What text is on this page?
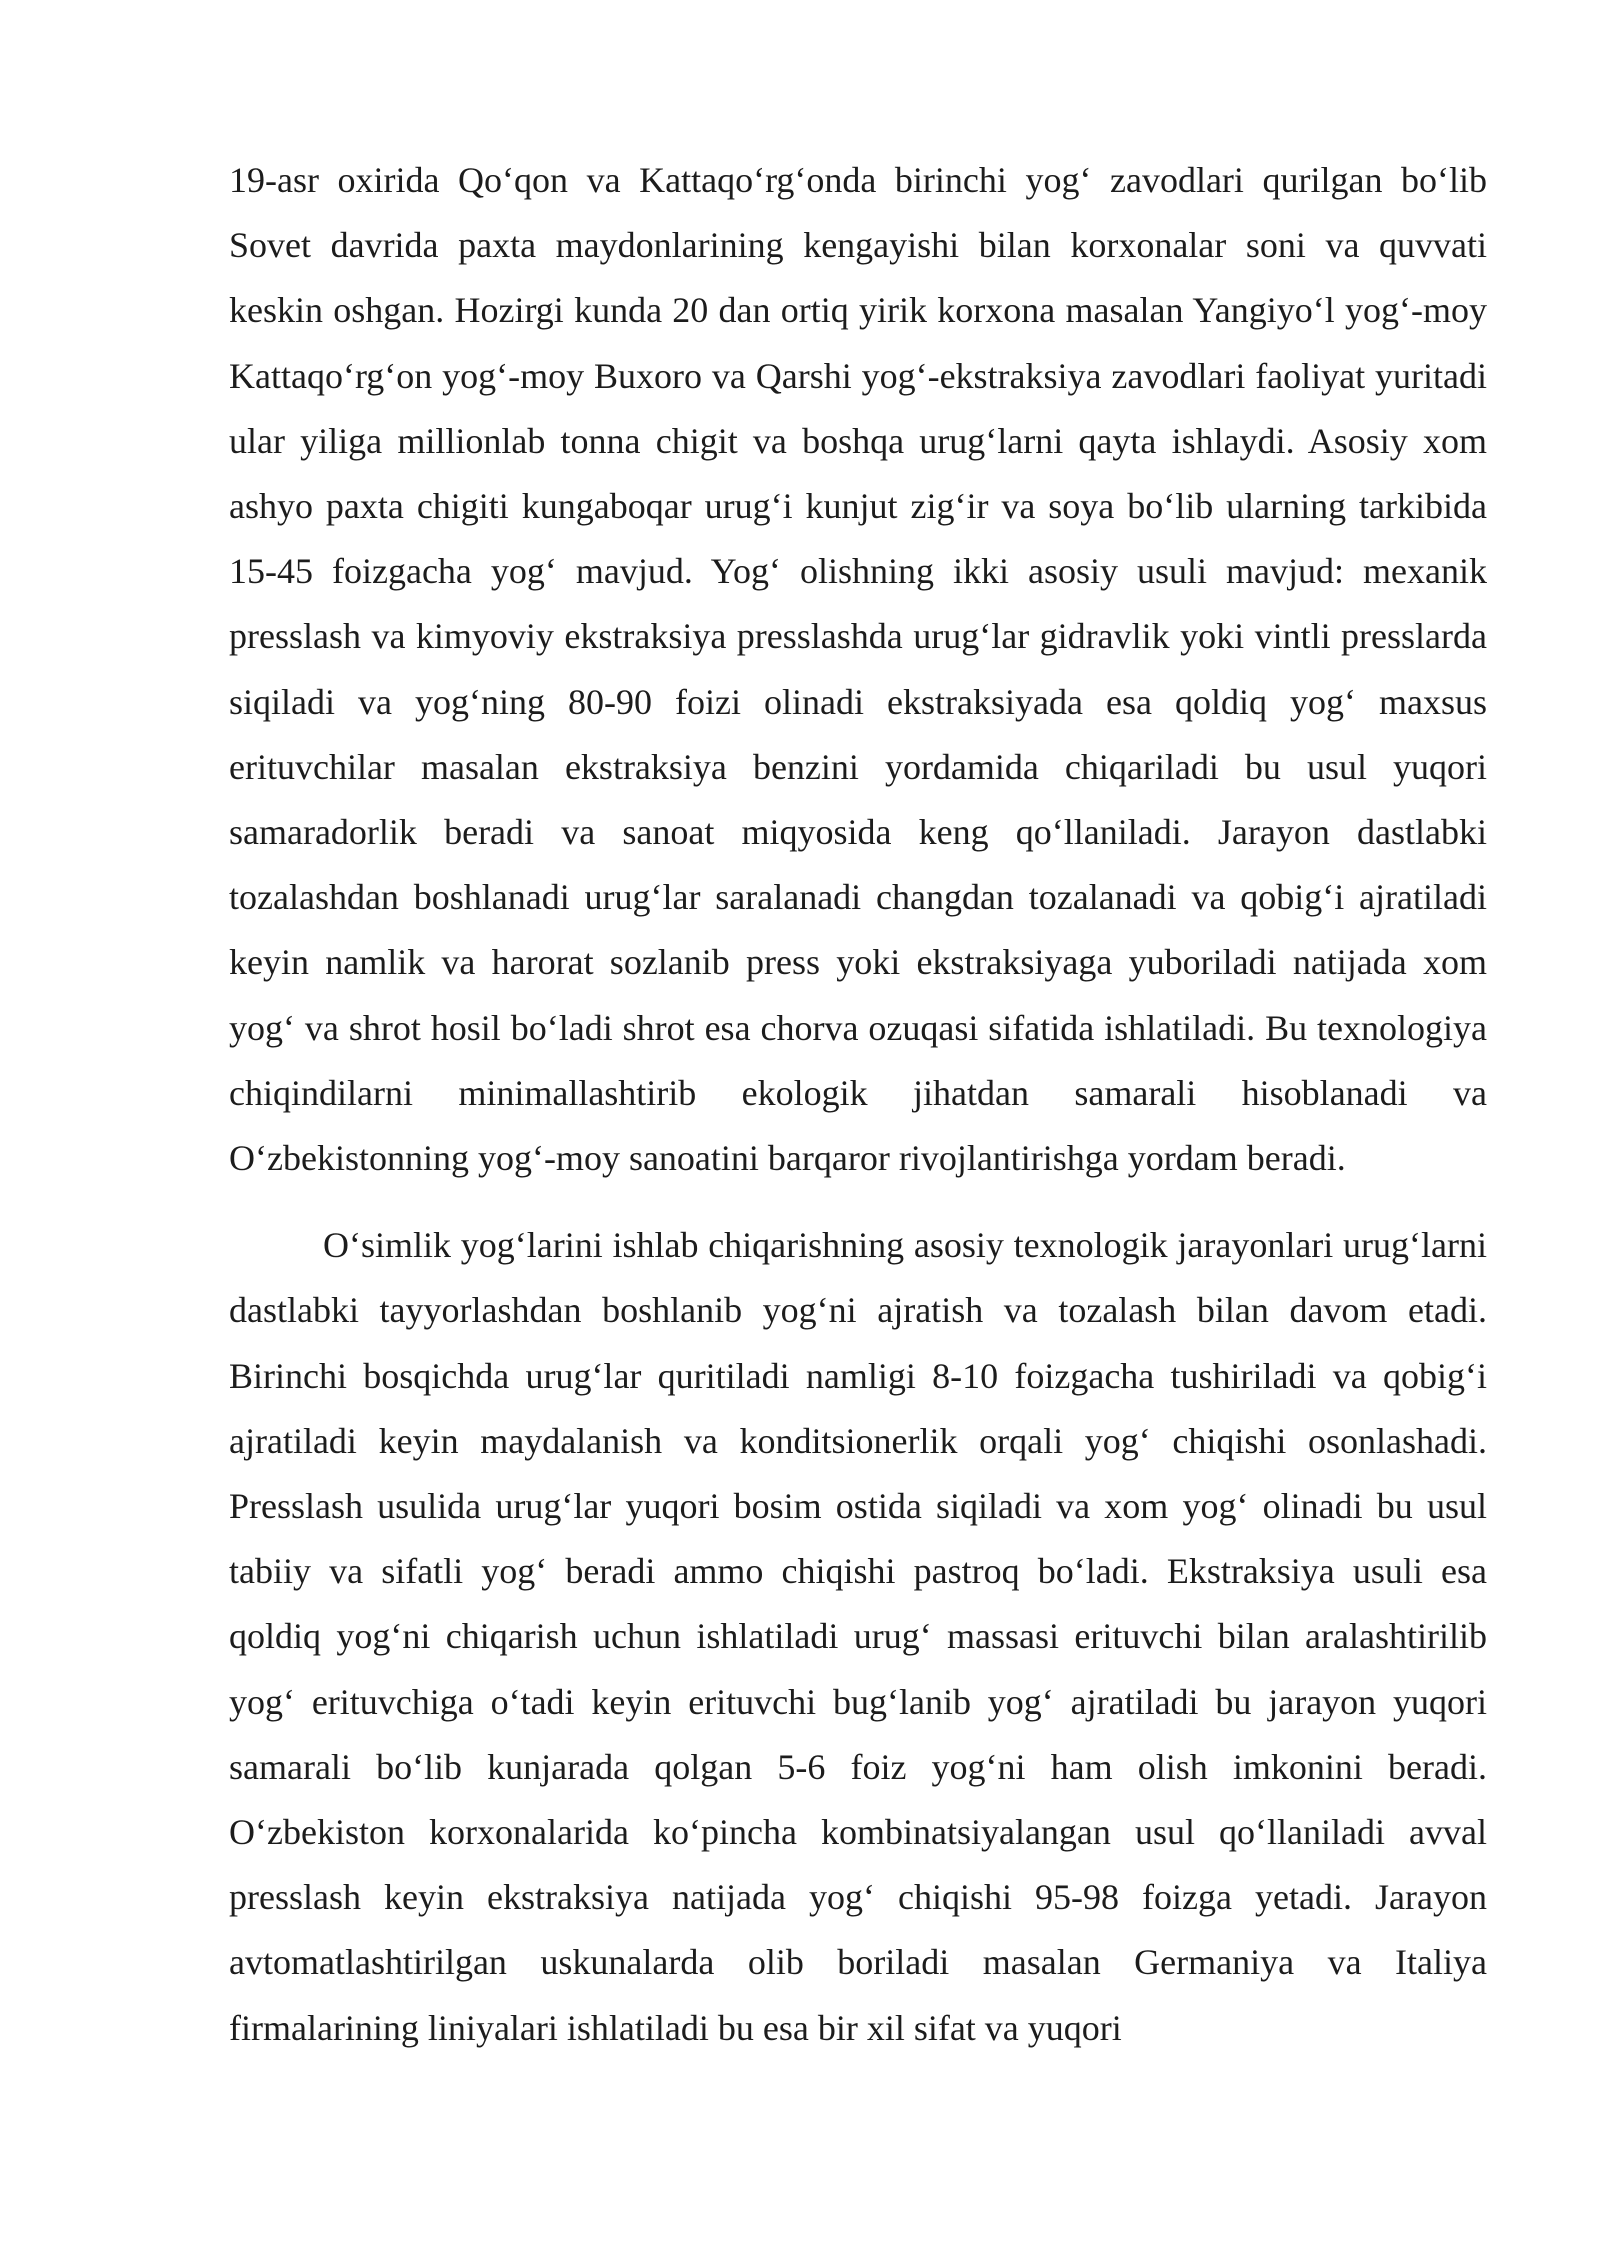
19-asr oxirida Qo‘qon va Kattaqo‘rg‘onda birinchi yog‘ zavodlari qurilgan bo‘lib Sovet davrida paxta maydonlarining kengayishi bilan korxonalar soni va quvvati keskin oshgan. Hozirgi kunda 20 dan ortiq yirik korxona masalan Yangiyo‘l yog‘-moy Kattaqo‘rg‘on yog‘-moy Buxoro va Qarshi yog‘-ekstraksiya zavodlari faoliyat yuritadi ular yiliga millionlab tonna chigit va boshqa urug‘larni qayta ishlaydi. Asosiy xom ashyo paxta chigiti kungaboqar urug‘i kunjut zig‘ir va soya bo‘lib ularning tarkibida 15-45 foizgacha yog‘ mavjud. Yog‘ olishning ikki asosiy usuli mavjud: mexanik presslash va kimyoviy ekstraksiya presslashda urug‘lar gidravlik yoki vintli presslarda siqiladi va yog‘ning 80-90 foizi olinadi ekstraksiyada esa qoldiq yog‘ maxsus erituvchilar masalan ekstraksiya benzini yordamida chiqariladi bu usul yuqori samaradorlik beradi va sanoat miqyosida keng qo‘llaniladi. Jarayon dastlabki tozalashdan boshlanadi urug‘lar saralanadi changdan tozalanadi va qobig‘i ajratiladi keyin namlik va harorat sozlanib press yoki ekstraksiyaga yuboriladi natijada xom yog‘ va shrot hosil bo‘ladi shrot esa chorva ozuqasi sifatida ishlatiladi. Bu texnologiya chiqindilarni minimallashtirib ekologik jihatdan samarali hisoblanadi va O‘zbekistonning yog‘-moy sanoatini barqaror rivojlantirishga yordam beradi.

O‘simlik yog‘larini ishlab chiqarishning asosiy texnologik jarayonlari urug‘larni dastlabki tayyorlashdan boshlanib yog‘ni ajratish va tozalash bilan davom etadi. Birinchi bosqichda urug‘lar quritiladi namligi 8-10 foizgacha tushiriladi va qobig‘i ajratiladi keyin maydalanish va konditsionerlik orqali yog‘ chiqishi osonlashadi. Presslash usulida urug‘lar yuqori bosim ostida siqiladi va xom yog‘ olinadi bu usul tabiiy va sifatli yog‘ beradi ammo chiqishi pastroq bo‘ladi. Ekstraksiya usuli esa qoldiq yog‘ni chiqarish uchun ishlatiladi urug‘ massasi erituvchi bilan aralashtirilib yog‘ erituvchiga o‘tadi keyin erituvchi bug‘lanib yog‘ ajratiladi bu jarayon yuqori samarali bo‘lib kunjarada qolgan 5-6 foiz yog‘ni ham olish imkonini beradi. O‘zbekiston korxonalarida ko‘pincha kombinatsiyalangan usul qo‘llaniladi avval presslash keyin ekstraksiya natijada yog‘ chiqishi 95-98 foizga yetadi. Jarayon avtomatlashtirilgan uskunalarda olib boriladi masalan Germaniya va Italiya firmalarining liniyalari ishlatiladi bu esa bir xil sifat va yuqori
